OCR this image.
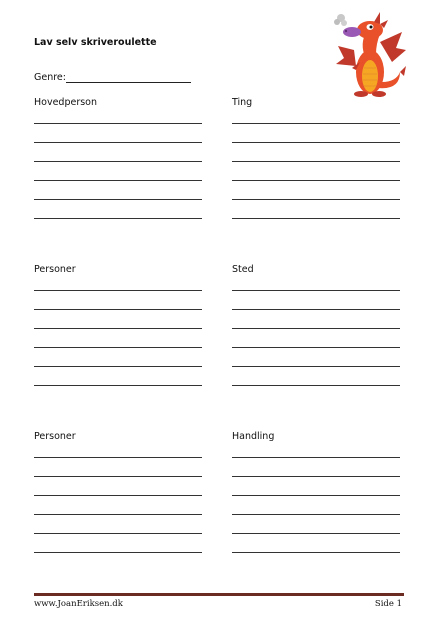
Lav selv skriveroulette
Genre:
Hovedperson	Ting
Personer	Sted
Personer	Handling
www.JoanEriksen.dk	Side 1
